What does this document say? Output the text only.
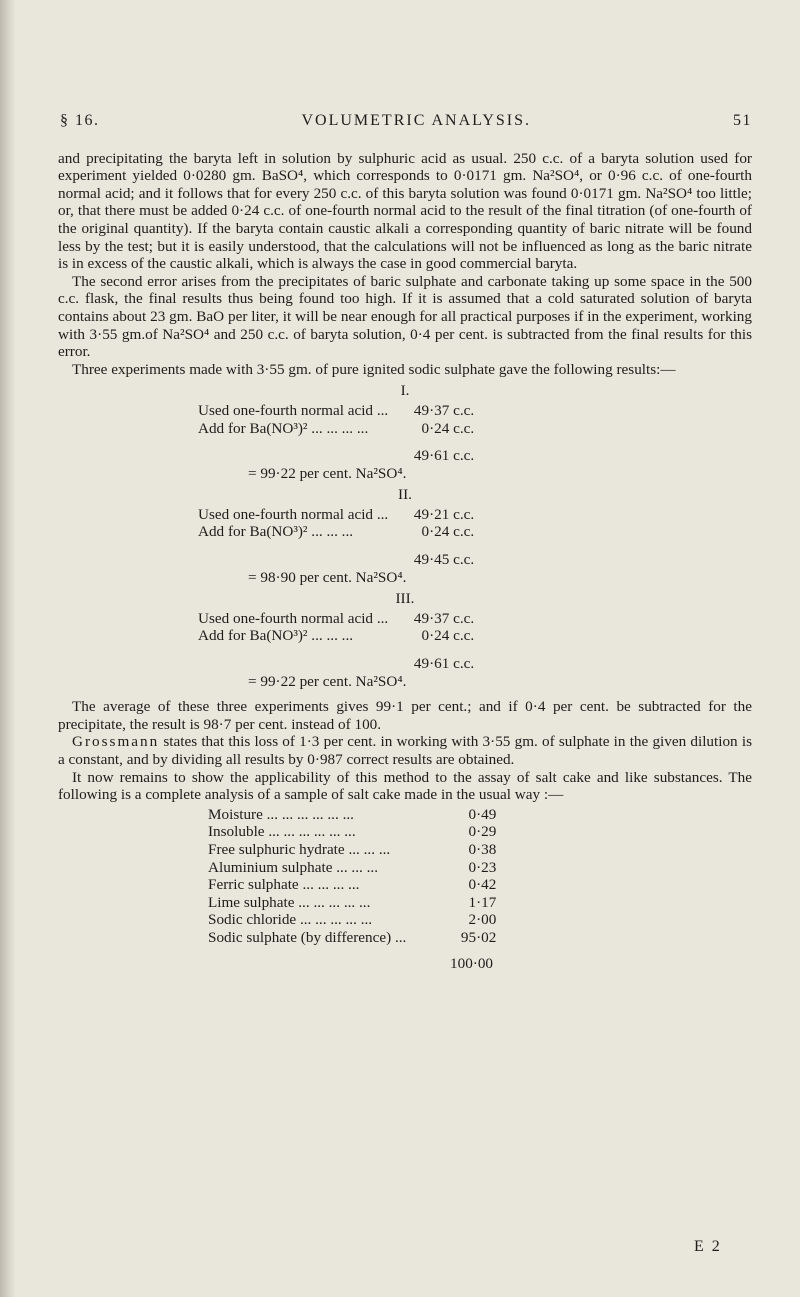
§ 16.	VOLUMETRIC ANALYSIS.	51

and precipitating the baryta left in solution by sulphuric acid as usual. 250 c.c. of a baryta solution used for experiment yielded 0·0280 gm. BaSO⁴, which corresponds to 0·0171 gm. Na²SO⁴, or 0·96 c.c. of one-fourth normal acid; and it follows that for every 250 c.c. of this baryta solution was found 0·0171 gm. Na²SO⁴ too little; or, that there must be added 0·24 c.c. of one-fourth normal acid to the result of the final titration (of one-fourth of the original quantity). If the baryta contain caustic alkali a corresponding quantity of baric nitrate will be found less by the test; but it is easily understood, that the calculations will not be influenced as long as the baric nitrate is in excess of the caustic alkali, which is always the case in good commercial baryta.

The second error arises from the precipitates of baric sulphate and carbonate taking up some space in the 500 c.c. flask, the final results thus being found too high. If it is assumed that a cold saturated solution of baryta contains about 23 gm. BaO per liter, it will be near enough for all practical purposes if in the experiment, working with 3·55 gm.of Na²SO⁴ and 250 c.c. of baryta solution, 0·4 per cent. is subtracted from the final results for this error.

Three experiments made with 3·55 gm. of pure ignited sodic sulphate gave the following results:—

I.
Used one-fourth normal acid ...	49·37 c.c.
Add for Ba(NO³)² ... ... ... ...	0·24 c.c.
	49·61 c.c.
= 99·22 per cent. Na²SO⁴.
II.
Used one-fourth normal acid ...	49·21 c.c.
Add for Ba(NO³)² ... ... ...	0·24 c.c.
	49·45 c.c.
= 98·90 per cent. Na²SO⁴.
III.
Used one-fourth normal acid ...	49·37 c.c.
Add for Ba(NO³)² ... ... ...	0·24 c.c.
	49·61 c.c.
= 99·22 per cent. Na²SO⁴.

The average of these three experiments gives 99·1 per cent.; and if 0·4 per cent. be subtracted for the precipitate, the result is 98·7 per cent. instead of 100.

Grossmann states that this loss of 1·3 per cent. in working with 3·55 gm. of sulphate in the given dilution is a constant, and by dividing all results by 0·987 correct results are obtained.

It now remains to show the applicability of this method to the assay of salt cake and like substances. The following is a complete analysis of a sample of salt cake made in the usual way :—

Moisture ... ... ... ... ... ...	0·49
Insoluble ... ... ... ... ... ...	0·29
Free sulphuric hydrate ... ... ...	0·38
Aluminium sulphate ... ... ...	0·23
Ferric sulphate ... ... ... ...	0·42
Lime sulphate ... ... ... ... ...	1·17
Sodic chloride ... ... ... ... ...	2·00
Sodic sulphate (by difference) ...	95·02
100·00
E 2
